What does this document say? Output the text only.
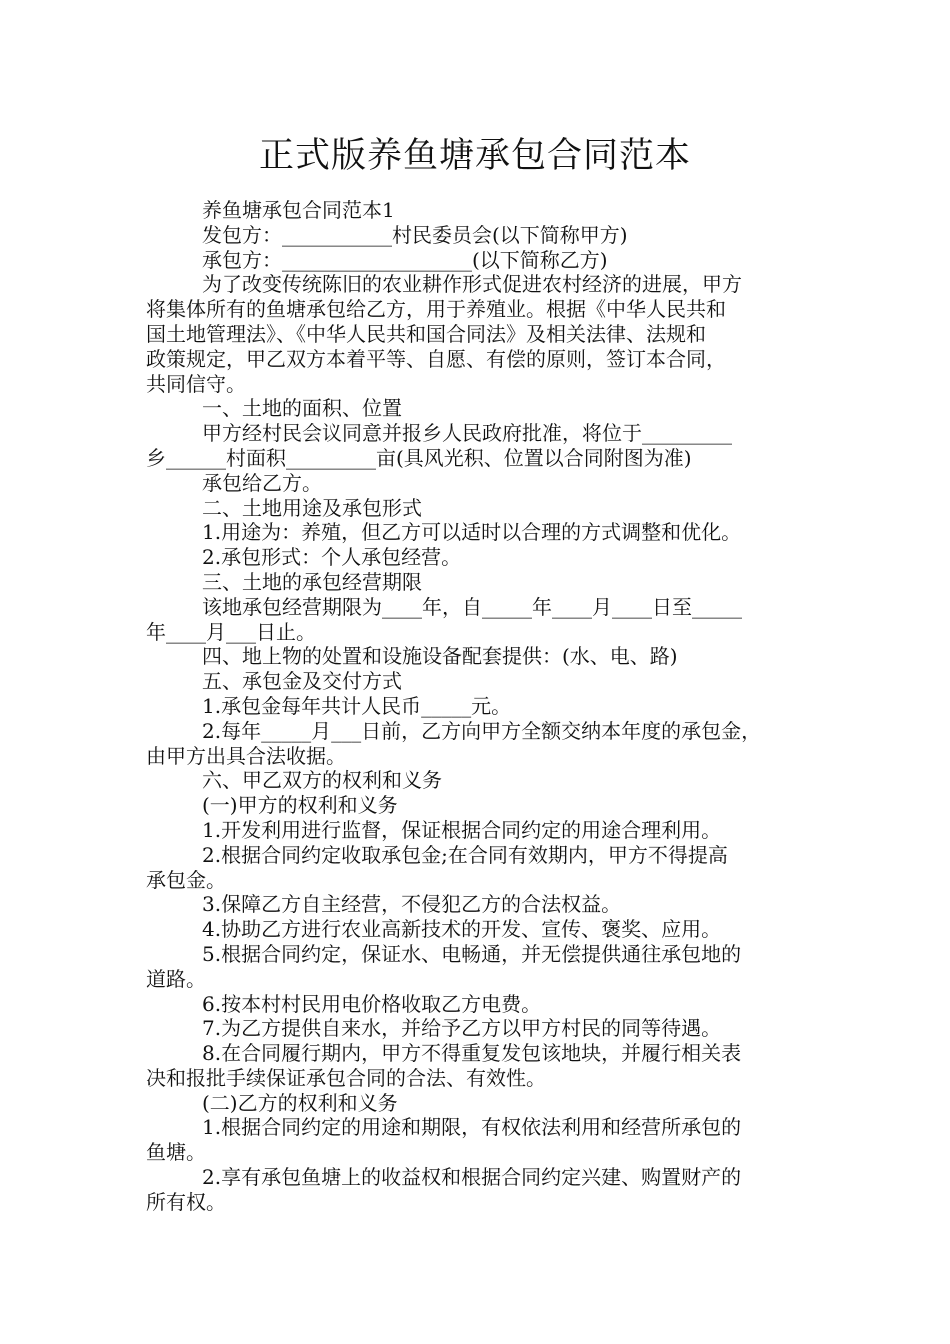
正式版养鱼塘承包合同范本

养鱼塘承包合同范本1

发包方：___________村民委员会(以下简称甲方)

承包方：___________________(以下简称乙方)

为了改变传统陈旧的农业耕作形式促进农村经济的进展，甲方

将集体所有的鱼塘承包给乙方，用于养殖业。根据《中华人民共和

国土地管理法》、《中华人民共和国合同法》及相关法律、法规和

政策规定，甲乙双方本着平等、自愿、有偿的原则，签订本合同，

共同信守。

一、土地的面积、位置

甲方经村民会议同意并报乡人民政府批准，将位于_________

乡______村面积_________亩(具风光积、位置以合同附图为准)

承包给乙方。

二、土地用途及承包形式

1.用途为：养殖，但乙方可以适时以合理的方式调整和优化。

2.承包形式：个人承包经营。

三、土地的承包经营期限

该地承包经营期限为____年，自_____年____月____日至_____

年____月___日止。

四、地上物的处置和设施设备配套提供：(水、电、路)

五、承包金及交付方式

1.承包金每年共计人民币_____元。

2.每年_____月___日前，乙方向甲方全额交纳本年度的承包金，

由甲方出具合法收据。

六、甲乙双方的权利和义务

(一)甲方的权利和义务

1.开发利用进行监督，保证根据合同约定的用途合理利用。

2.根据合同约定收取承包金;在合同有效期内，甲方不得提高

承包金。

3.保障乙方自主经营，不侵犯乙方的合法权益。

4.协助乙方进行农业高新技术的开发、宣传、褒奖、应用。

5.根据合同约定，保证水、电畅通，并无偿提供通往承包地的

道路。

6.按本村村民用电价格收取乙方电费。

7.为乙方提供自来水，并给予乙方以甲方村民的同等待遇。

8.在合同履行期内，甲方不得重复发包该地块，并履行相关表

决和报批手续保证承包合同的合法、有效性。

(二)乙方的权利和义务

1.根据合同约定的用途和期限，有权依法利用和经营所承包的

鱼塘。

2.享有承包鱼塘上的收益权和根据合同约定兴建、购置财产的

所有权。
